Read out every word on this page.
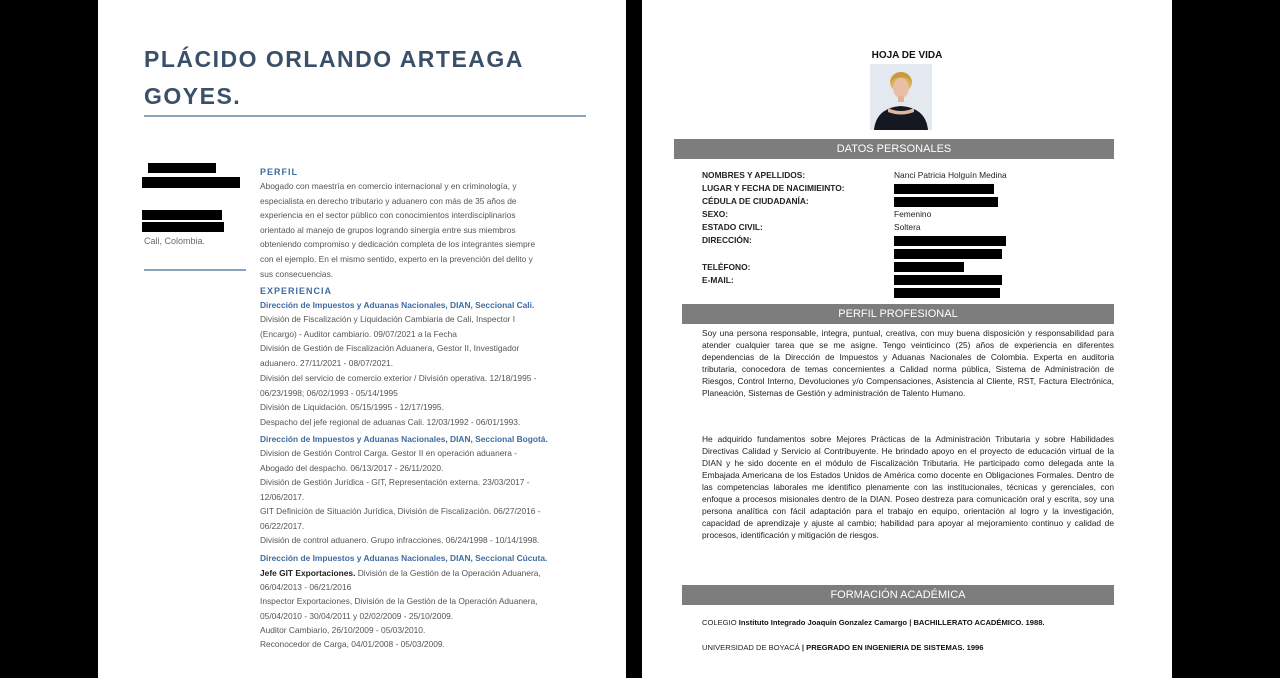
PLÁCIDO ORLANDO ARTEAGA
GOYES.
Cali, Colombia.
PERFIL
Abogado con maestría en comercio internacional y en criminología, y
especialista en derecho tributario y aduanero con más de 35 años de
experiencia en el sector público con conocimientos interdisciplinarios
orientado al manejo de grupos logrando sinergia entre sus miembros
obteniendo compromiso y dedicación completa de los integrantes siempre
con el ejemplo. En el mismo sentido, experto en la prevención del delito y
sus consecuencias.
EXPERIENCIA
Dirección de Impuestos y Aduanas Nacionales, DIAN, Seccional Cali.
División de Fiscalización y Liquidación Cambiaria de Cali, Inspector I
(Encargo) - Auditor cambiario. 09/07/2021 a la Fecha
División de Gestión de Fiscalización Aduanera, Gestor II, Investigador
aduanero. 27/11/2021 - 08/07/2021.
División del servicio de comercio exterior / División operativa. 12/18/1995 -
06/23/1998; 06/02/1993 - 05/14/1995
División de Liquidación. 05/15/1995 - 12/17/1995.
Despacho del jefe regional de aduanas Cali. 12/03/1992 - 06/01/1993.
Dirección de Impuestos y Aduanas Nacionales, DIAN, Seccional Bogotá.
Division de Gestión Control Carga. Gestor II en operación aduanera -
Abogado del despacho. 06/13/2017 - 26/11/2020.
División de Gestión Jurídica - GIT, Representación externa. 23/03/2017 -
12/06/2017.
GIT Definición de Situación Jurídica, División de Fiscalización. 06/27/2016 -
06/22/2017.
División de control aduanero. Grupo infracciones. 06/24/1998 - 10/14/1998.
Dirección de Impuestos y Aduanas Nacionales, DIAN, Seccional Cúcuta.
Jefe GIT Exportaciones. División de la Gestión de la Operación Aduanera,
06/04/2013 - 06/21/2016
Inspector Exportaciones, División de la Gestión de la Operación Aduanera,
05/04/2010 - 30/04/2011 y 02/02/2009 - 25/10/2009.
Auditor Cambiario, 26/10/2009 - 05/03/2010.
Reconocedor de Carga, 04/01/2008 - 05/03/2009.
HOJA DE VIDA
DATOS PERSONALES
NOMBRES Y APELLIDOS:
LUGAR Y FECHA DE NACIMIEINTO:
CÉDULA DE CIUDADANÍA:
SEXO:
ESTADO CIVIL:
DIRECCIÓN:
TELÉFONO:
E-MAIL:
Nanci Patricia Holguín Medina
Femenino
Soltera
PERFIL PROFESIONAL
Soy una persona responsable, integra, puntual, creativa, con muy buena disposición y responsabilidad para atender cualquier tarea que se me asigne. Tengo veinticinco (25) años de experiencia en diferentes dependencias de la Dirección de Impuestos y Aduanas Nacionales de Colombia. Experta en auditoria tributaria, conocedora de temas concernientes a Calidad norma pública, Sistema de Administración de Riesgos, Control Interno, Devoluciones y/o Compensaciones, Asistencia al Cliente, RST, Factura Electrónica, Planeación, Sistemas de Gestión y administración de Talento Humano.
He adquirido fundamentos sobre Mejores Prácticas de la Administración Tributaria y sobre Habilidades Directivas Calidad y Servicio al Contribuyente. He brindado apoyo en el proyecto de educación virtual de la DIAN y he sido docente en el módulo de Fiscalización Tributaria. He participado como delegada ante la Embajada Americana de los Estados Unidos de América como docente en Obligaciones Formales. Dentro de las competencias laborales me identifico plenamente con las institucionales, técnicas y gerenciales, con enfoque a procesos misionales dentro de la DIAN. Poseo destreza para comunicación oral y escrita, soy una persona analítica con fácil adaptación para el trabajo en equipo, orientación al logro y la investigación, capacidad de aprendizaje y ajuste al cambio; habilidad para apoyar al mejoramiento continuo y calidad de procesos, identificación y mitigación de riesgos.
FORMACIÓN ACADÉMICA
COLEGIO Instituto Integrado Joaquín Gonzalez Camargo | BACHILLERATO ACADÉMICO. 1988.
UNIVERSIDAD DE BOYACÁ | PREGRADO EN INGENIERIA DE SISTEMAS. 1996
